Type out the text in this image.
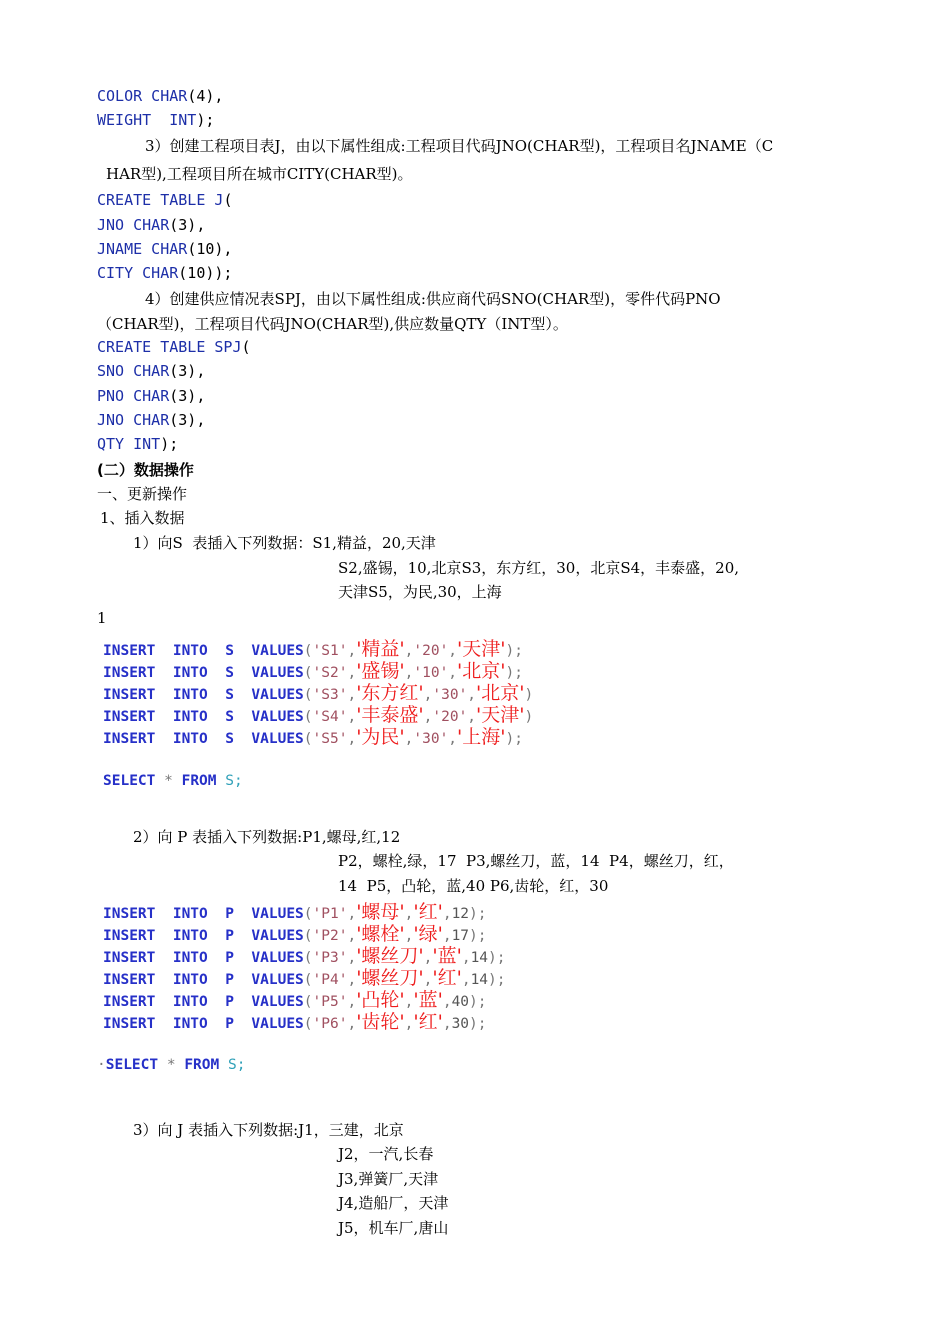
COLOR CHAR(4),
WEIGHT  INT);
3）创建工程项目表J，由以下属性组成:工程项目代码JNO(CHAR型)，工程项目名JNAME（C
HAR型),工程项目所在城市CITY(CHAR型)。
CREATE TABLE J(
JNO CHAR(3),
JNAME CHAR(10),
CITY CHAR(10));
4）创建供应情况表SPJ，由以下属性组成:供应商代码SNO(CHAR型)，零件代码PNO
（CHAR型)，工程项目代码JNO(CHAR型),供应数量QTY（INT型）。
CREATE TABLE SPJ(
SNO CHAR(3),
PNO CHAR(3),
JNO CHAR(3),
QTY INT);
(二）数据操作
一、更新操作
1、插入数据
1）向S  表插入下列数据：S1,精益，20,天津
S2,盛锡，10,北京S3，东方红，30，北京S4，丰泰盛，20,
天津S5，为民,30，上海
1
INSERT  INTO  S  VALUES('S1','精益','20','天津');
INSERT  INTO  S  VALUES('S2','盛锡','10','北京');
INSERT  INTO  S  VALUES('S3','东方红','30','北京')
INSERT  INTO  S  VALUES('S4','丰泰盛','20','天津')
INSERT  INTO  S  VALUES('S5','为民','30','上海');
SELECT * FROM S;
2）向 P 表插入下列数据:P1,螺母,红,12
P2，螺栓,绿，17  P3,螺丝刀，蓝，14  P4，螺丝刀，红，
14  P5，凸轮，蓝,40 P6,齿轮，红，30
INSERT  INTO  P  VALUES('P1','螺母','红',12);
INSERT  INTO  P  VALUES('P2','螺栓','绿',17);
INSERT  INTO  P  VALUES('P3','螺丝刀','蓝',14);
INSERT  INTO  P  VALUES('P4','螺丝刀','红',14);
INSERT  INTO  P  VALUES('P5','凸轮','蓝',40);
INSERT  INTO  P  VALUES('P6','齿轮','红',30);
·SELECT * FROM S;
3）向 J 表插入下列数据:J1，三建，北京
J2，一汽,长春
J3,弹簧厂,天津
J4,造船厂，天津
J5，机车厂,唐山
